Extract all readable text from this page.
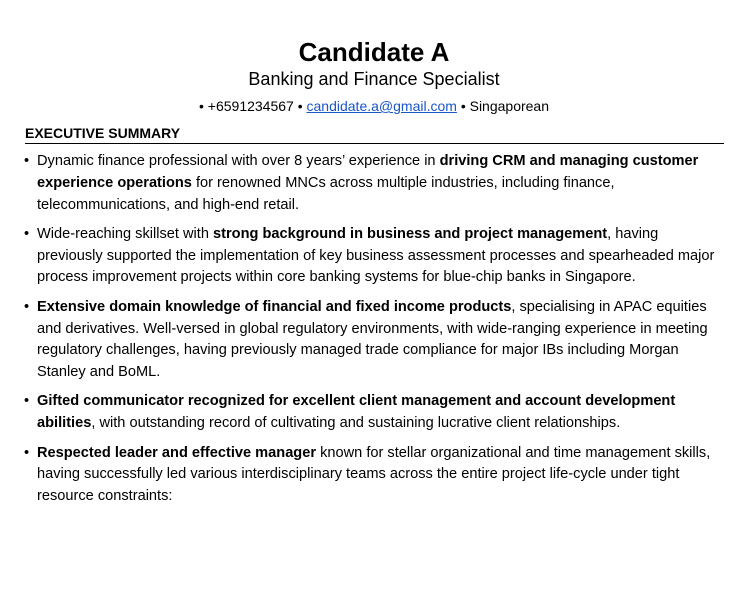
Candidate A
Banking and Finance Specialist
• +6591234567 • candidate.a@gmail.com • Singaporean
EXECUTIVE SUMMARY
• Dynamic finance professional with over 8 years’ experience in driving CRM and managing customer experience operations for renowned MNCs across multiple industries, including finance, telecommunications, and high-end retail.
• Wide-reaching skillset with strong background in business and project management, having previously supported the implementation of key business assessment processes and spearheaded major process improvement projects within core banking systems for blue-chip banks in Singapore.
• Extensive domain knowledge of financial and fixed income products, specialising in APAC equities and derivatives. Well-versed in global regulatory environments, with wide-ranging experience in meeting regulatory challenges, having previously managed trade compliance for major IBs including Morgan Stanley and BoML.
• Gifted communicator recognized for excellent client management and account development abilities, with outstanding record of cultivating and sustaining lucrative client relationships.
• Respected leader and effective manager known for stellar organizational and time management skills, having successfully led various interdisciplinary teams across the entire project life-cycle under tight resource constraints:
